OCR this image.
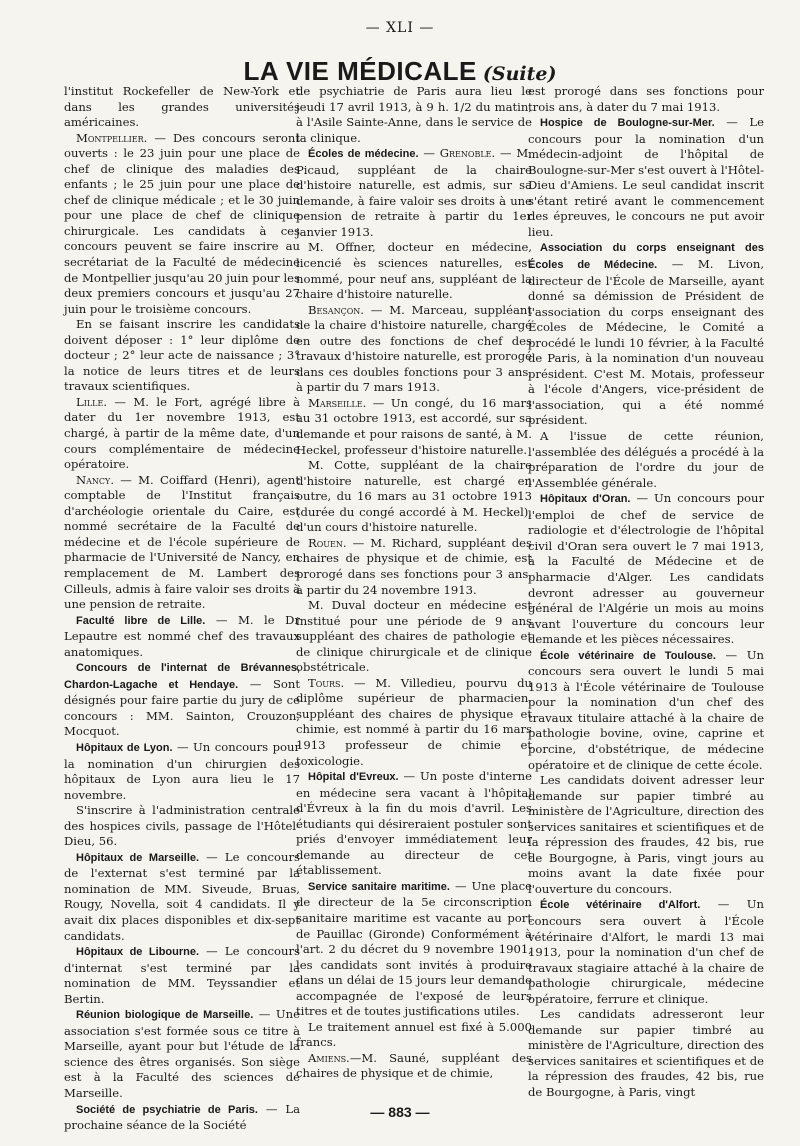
— XLI —
LA VIE MÉDICALE (Suite)

l'institut Rockefeller de New-York et dans les grandes universités américaines.

Montpellier. — Des concours seront ouverts : le 23 juin pour une place de chef de clinique des maladies des enfants ; le 25 juin pour une place de chef de clinique médicale ; et le 30 juin pour une place de chef de clinique chirurgicale. Les candidats à ces concours peuvent se faire inscrire au secrétariat de la Faculté de médecine de Montpellier jusqu'au 20 juin pour les deux premiers concours et jusqu'au 27 juin pour le troisième concours.

En se faisant inscrire les candidats doivent déposer : 1° leur diplôme de docteur ; 2° leur acte de naissance ; 3° la notice de leurs titres et de leurs travaux scientifiques.

Lille. — M. le Fort, agrégé libre à dater du 1er novembre 1913, est chargé, à partir de la même date, d'un cours complémentaire de médecine opératoire.

Nancy. — M. Coiffard (Henri), agent comptable de l'Institut français d'archéologie orientale du Caire, est nommé secrétaire de la Faculté de médecine et de l'école supérieure de pharmacie de l'Université de Nancy, en remplacement de M. Lambert des Cilleuls, admis à faire valoir ses droits à une pension de retraite.

Faculté libre de Lille. — M. le Dr Lepautre est nommé chef des travaux anatomiques.

Concours de l'internat de Brévannes, Chardon-Lagache et Hendaye. — Sont désignés pour faire partie du jury de ce concours : MM. Sainton, Crouzon, Mocquot.

Hôpitaux de Lyon. — Un concours pour la nomination d'un chirurgien des hôpitaux de Lyon aura lieu le 17 novembre.

S'inscrire à l'administration centrale des hospices civils, passage de l'Hôtel-Dieu, 56.

Hôpitaux de Marseille. — Le concours de l'externat s'est terminé par la nomination de MM. Siveude, Bruas, Rougy, Novella, soit 4 candidats. Il y avait dix places disponibles et dix-sept candidats.

Hôpitaux de Libourne. — Le concours d'internat s'est terminé par la nomination de MM. Teyssandier et Bertin.

Réunion biologique de Marseille. — Une association s'est formée sous ce titre à Marseille, ayant pour but l'étude de la science des êtres organisés. Son siège est à la Faculté des sciences de Marseille.

Société de psychiatrie de Paris. — La prochaine séance de la Société

de psychiatrie de Paris aura lieu le jeudi 17 avril 1913, à 9 h. 1/2 du matin, à l'Asile Sainte-Anne, dans le service de la clinique.

Écoles de médecine. — Grenoble. — M. Picaud, suppléant de la chaire d'histoire naturelle, est admis, sur sa demande, à faire valoir ses droits à une pension de retraite à partir du 1er janvier 1913.

M. Offner, docteur en médecine, licencié ès sciences naturelles, est nommé, pour neuf ans, suppléant de la chaire d'histoire naturelle.

Besançon. — M. Marceau, suppléant de la chaire d'histoire naturelle, chargé en outre des fonctions de chef des travaux d'histoire naturelle, est prorogé dans ces doubles fonctions pour 3 ans, à partir du 7 mars 1913.

Marseille. — Un congé, du 16 mars au 31 octobre 1913, est accordé, sur sa demande et pour raisons de santé, à M. Heckel, professeur d'histoire naturelle.

M. Cotte, suppléant de la chaire d'histoire naturelle, est chargé en outre, du 16 mars au 31 octobre 1913 (durée du congé accordé à M. Heckel), d'un cours d'histoire naturelle.

Rouen. — M. Richard, suppléant des chaires de physique et de chimie, est prorogé dans ses fonctions pour 3 ans, à partir du 24 novembre 1913.

M. Duval docteur en médecine est institué pour une période de 9 ans suppléant des chaires de pathologie et de clinique chirurgicale et de clinique obstétricale.

Tours. — M. Villedieu, pourvu du diplôme supérieur de pharmacien, suppléant des chaires de physique et chimie, est nommé à partir du 16 mars 1913 professeur de chimie et toxicologie.

Hôpital d'Evreux. — Un poste d'interne en médecine sera vacant à l'hôpital d'Évreux à la fin du mois d'avril. Les étudiants qui désireraient postuler sont priés d'envoyer immédiatement leur demande au directeur de cet établissement.

Service sanitaire maritime. — Une place de directeur de la 5e circonscription sanitaire maritime est vacante au port de Pauillac (Gironde) Conformément à l'art. 2 du décret du 9 novembre 1901, les candidats sont invités à produire dans un délai de 15 jours leur demande accompagnée de l'exposé de leurs titres et de toutes justifications utiles.

Le traitement annuel est fixé à 5.000 francs.

Amiens.—M. Sauné, suppléant des chaires de physique et de chimie,

est prorogé dans ses fonctions pour trois ans, à dater du 7 mai 1913.

Hospice de Boulogne-sur-Mer. — Le concours pour la nomination d'un médecin-adjoint de l'hôpital de Boulogne-sur-Mer s'est ouvert à l'Hôtel-Dieu d'Amiens. Le seul candidat inscrit s'étant retiré avant le commencement des épreuves, le concours ne put avoir lieu.

Association du corps enseignant des Écoles de Médecine. — M. Livon, directeur de l'École de Marseille, ayant donné sa démission de Président de l'association du corps enseignant des Écoles de Médecine, le Comité a procédé le lundi 10 février, à la Faculté de Paris, à la nomination d'un nouveau président. C'est M. Motais, professeur à l'école d'Angers, vice-président de l'association, qui a été nommé président.

A l'issue de cette réunion, l'assemblée des délégués a procédé à la préparation de l'ordre du jour de l'Assemblée générale.

Hôpitaux d'Oran. — Un concours pour l'emploi de chef de service de radiologie et d'électrologie de l'hôpital civil d'Oran sera ouvert le 7 mai 1913, à la Faculté de Médecine et de pharmacie d'Alger. Les candidats devront adresser au gouverneur général de l'Algérie un mois au moins avant l'ouverture du concours leur demande et les pièces nécessaires.

École vétérinaire de Toulouse. — Un concours sera ouvert le lundi 5 mai 1913 à l'École vétérinaire de Toulouse pour la nomination d'un chef des travaux titulaire attaché à la chaire de pathologie bovine, ovine, caprine et porcine, d'obstétrique, de médecine opératoire et de clinique de cette école.

Les candidats doivent adresser leur demande sur papier timbré au ministère de l'Agriculture, direction des services sanitaires et scientifiques et de la répression des fraudes, 42 bis, rue de Bourgogne, à Paris, vingt jours au moins avant la date fixée pour l'ouverture du concours.

École vétérinaire d'Alfort. — Un concours sera ouvert à l'École vétérinaire d'Alfort, le mardi 13 mai 1913, pour la nomination d'un chef de travaux stagiaire attaché à la chaire de pathologie chirurgicale, médecine opératoire, ferrure et clinique.

Les candidats adresseront leur demande sur papier timbré au ministère de l'Agriculture, direction des services sanitaires et scientifiques et de la répression des fraudes, 42 bis, rue de Bourgogne, à Paris, vingt

— 883 —
